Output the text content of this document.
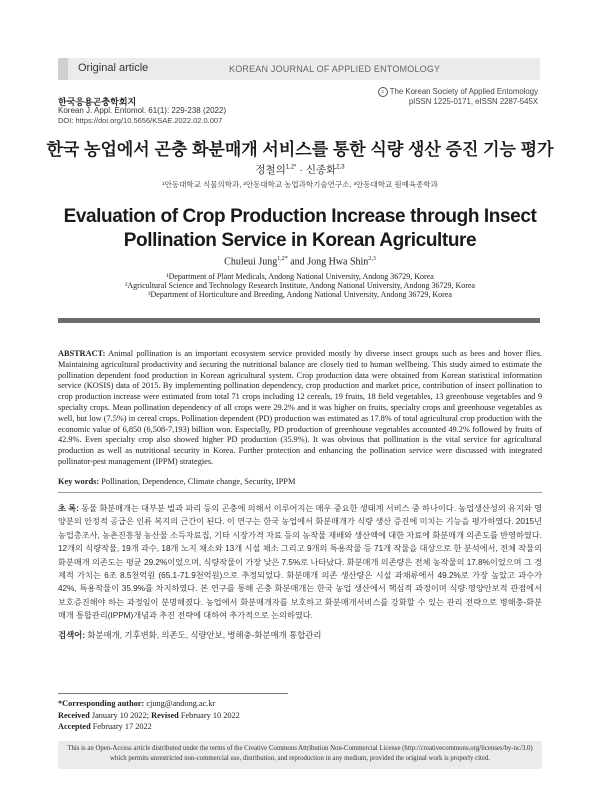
Original article	KOREAN JOURNAL OF APPLIED ENTOMOLOGY
한국응용곤충학회지
Korean J. Appl. Entomol. 61(1): 229-238 (2022)
DOI: https://doi.org/10.5656/KSAE.2022.02.0.007
c The Korean Society of Applied Entomology
pISSN 1225-0171, eISSN 2287-545X
한국 농업에서 곤충 화분매개 서비스를 통한 식량 생산 증진 기능 평가
정철의$^{1,2*}$ · 신종화$^{2,3}$
¹안동대학교 식물의학과, ²안동대학교 농업과학기술연구소, ³안동대학교 원예육종학과
Evaluation of Crop Production Increase through Insect Pollination Service in Korean Agriculture
Chuleui Jung$^{1,2*}$ and Jong Hwa Shin$^{2,3}$
¹Department of Plant Medicals, Andong National University, Andong 36729, Korea
²Agricultural Science and Technology Research Institute, Andong National University, Andong 36729, Korea
³Department of Horticulture and Breeding, Andong National University, Andong 36729, Korea
ABSTRACT: Animal pollination is an important ecosystem service provided mostly by diverse insect groups such as bees and hover flies. Maintaining agricultural productivity and securing the nutritional balance are closely tied to human wellbeing. This study aimed to estimate the pollination dependent food production in Korean agricultural system. Crop production data were obtained from Korean statistical information service (KOSIS) data of 2015. By implementing pollination dependency, crop production and market price, contribution of insect pollination to crop production increase were estimated from total 71 crops including 12 cereals, 19 fruits, 18 field vegetables, 13 greenhouse vegetables and 9 specialty crops. Mean pollination dependency of all crops were 29.2% and it was higher on fruits, specialty crops and greenhouse vegetables as well, but low (7.5%) in cereal crops. Pollination dependent (PD) production was estimated as 17.8% of total agricultural crop production with the economic value of 6,850 (6,508-7,193) billion won. Especially, PD production of greenhouse vegetables accounted 49.2% followed by fruits of 42.9%. Even specialty crop also showed higher PD production (35.9%). It was obvious that pollination is the vital service for agricultural production as well as nutritional security in Korea. Further protection and enhancing the pollination service were discussed with integrated pollinator-pest management (IPPM) strategies.
Key words: Pollination, Dependence, Climate change, Security, IPPM
초 록: 동물 화분매개는 대부분 벌과 파리 등의 곤충에 의해서 이루어지는 매우 중요한 생태계 서비스 중 하나이다. 농업생산성의 유지와 영양분의 안정적 공급은 인류 복지의 근간이 된다. 이 연구는 한국 농업에서 화분매개가 식량 생산 증진에 미치는 기능을 평가하였다. 2015년 농업총조사, 농촌진흥청 농산물 소득자료집, 기타 시장가격 자료 등의 농작물 재배와 생산액에 대한 자료에 화분매개 의존도를 반영하였다. 12개의 식량작물, 19개 과수, 18개 노지 채소와 13개 시설 채소 그리고 9개의 특용작물 등 71개 작물을 대상으로 한 분석에서, 전체 작물의 화분매개 의존도는 평균 29.2%이었으며, 식량작물이 가장 낮은 7.5%로 나타났다. 화분매개 의존량은 전체 농작물의 17.8%이었으며 그 경제적 가치는 6조 8.5천억원 (65.1-71.9천억원)으로 추정되었다. 화분매개 의존 생산량은 시설 과채류에서 49.2%로 가장 높았고 과수가 42%, 특용작물이 35.9%를 차지하였다. 본 연구를 통해 곤충 화분매개는 한국 농업 생산에서 핵심적 과정이며 식량·영양안보적 관점에서 보호증진해야 하는 과정임이 분명해졌다. 농업에서 화분매개자를 보호하고 화분매개서비스를 강화할 수 있는 관리 전략으로 병해충-화분매개 통합관리(IPPM)개념과 추진 전략에 대하여 추가적으로 논의하였다.
검색어: 화분매개, 기후변화, 의존도, 식량안보, 병해충-화분매개 통합관리
*Corresponding author: cjung@andong.ac.kr
Received January 10 2022; Revised February 10 2022
Accepted February 17 2022
This is an Open-Access article distributed under the terms of the Creative Commons Attribution Non-Commercial License (http://creativecommons.org/licenses/by-nc/3.0)
which permits unrestricted non-commercial use, distribution, and reproduction in any medium, provided the original work is properly cited.
